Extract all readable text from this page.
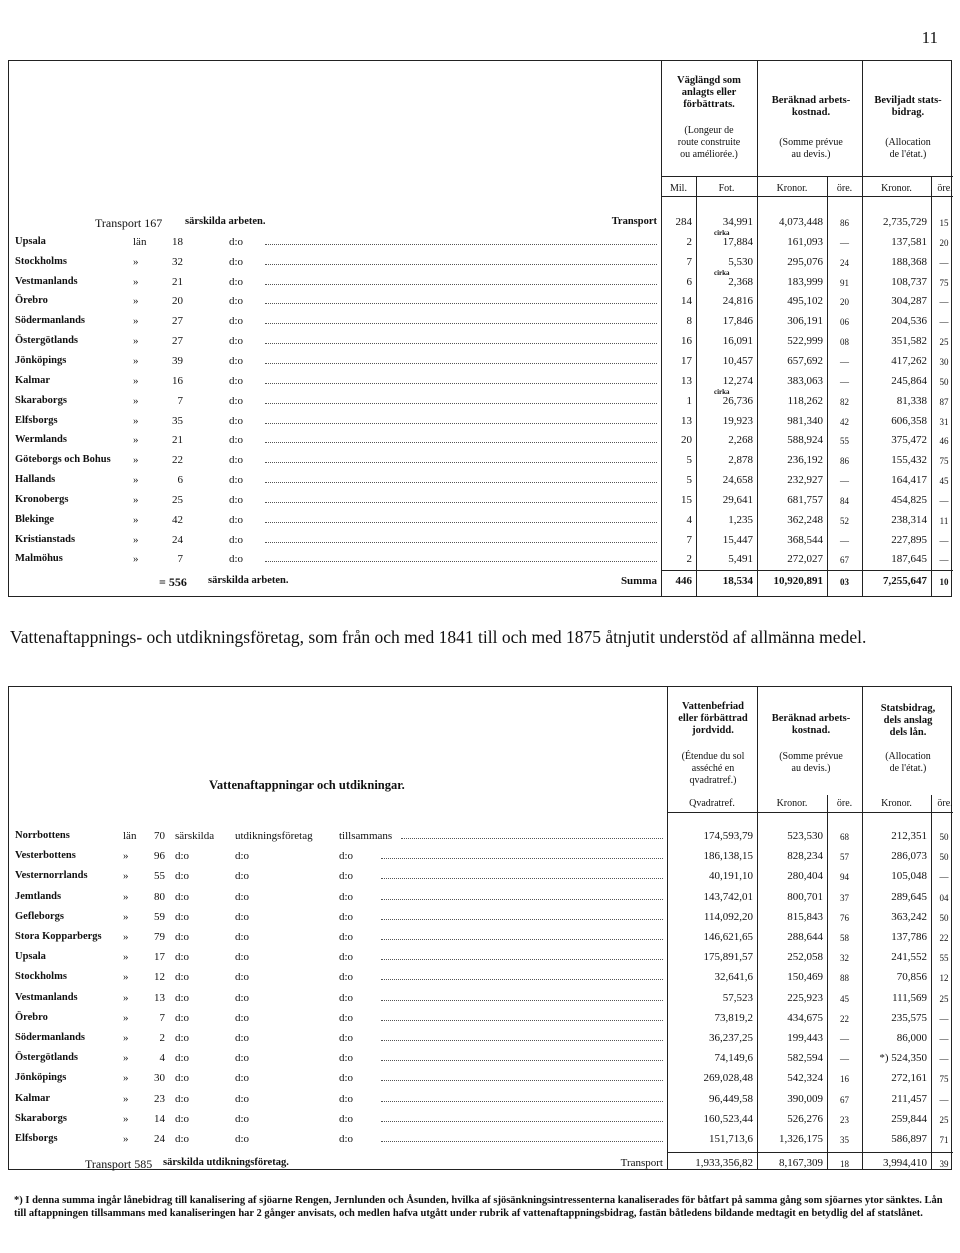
11
Väglängd som
anlagts eller
förbättrats.
(Longeur de
route construite
ou améliorée.)
Beräknad arbets-
kostnad.
(Somme prévue
au devis.)
Beviljadt stats-
bidrag.
(Allocation
de l'état.)
Mil.	Fot.	Kronor.	öre.	Kronor.	öre.
Transport 167	särskilda arbeten.	Transport	284	34,991	4,073,448	86	2,735,729	15
Upsala	län	18	d:o	2	17,884	161,093	—	137,581	20
cirka
Stockholms	»	32	d:o	7	5,530	295,076	24	188,368	—
Vestmanlands	»	21	d:o	6	2,368	183,999	91	108,737	75
cirka
Örebro	»	20	d:o	14	24,816	495,102	20	304,287	—
Södermanlands	»	27	d:o	8	17,846	306,191	06	204,536	—
Östergötlands	»	27	d:o	16	16,091	522,999	08	351,582	25
Jönköpings	»	39	d:o	17	10,457	657,692	—	417,262	30
Kalmar	»	16	d:o	13	12,274	383,063	—	245,864	50
Skaraborgs	»	7	d:o	1	26,736	118,262	82	81,338	87
cirka
Elfsborgs	»	35	d:o	13	19,923	981,340	42	606,358	31
Wermlands	»	21	d:o	20	2,268	588,924	55	375,472	46
Göteborgs och Bohus	»	22	d:o	5	2,878	236,192	86	155,432	75
Hallands	»	6	d:o	5	24,658	232,927	—	164,417	45
Kronobergs	»	25	d:o	15	29,641	681,757	84	454,825	—
Blekinge	»	42	d:o	4	1,235	362,248	52	238,314	11
Kristianstads	»	24	d:o	7	15,447	368,544	—	227,895	—
Malmöhus	»	7	d:o	2	5,491	272,027	67	187,645	—
= 556	särskilda arbeten.	Summa	446	18,534	10,920,891	03	7,255,647	10
Vattenaftappnings- och utdikningsföretag, som från och med 1841 till och med 1875 åtnjutit understöd af allmänna medel.
Vattenaftappningar och utdikningar.
Vattenbefriad
eller förbättrad
jordvidd.
(Étendue du sol
asséché en
qvadratref.)
Beräknad arbets-
kostnad.
(Somme prévue
au devis.)
Statsbidrag,
dels anslag
dels lån.
(Allocation
de l'état.)
Qvadratref.	Kronor.	öre.	Kronor.	öre.
Norrbottens	län	70 särskilda	utdikningsföretag	tillsammans	174,593,79	523,530	68	212,351	50
Vesterbottens	»	96 d:o	d:o	d:o	186,138,15	828,234	57	286,073	50
Vesternorrlands	»	55 d:o	d:o	d:o	40,191,10	280,404	94	105,048	—
Jemtlands	»	80 d:o	d:o	d:o	143,742,01	800,701	37	289,645	04
Gefleborgs	»	59 d:o	d:o	d:o	114,092,20	815,843	76	363,242	50
Stora Kopparbergs	»	79 d:o	d:o	d:o	146,621,65	288,644	58	137,786	22
Upsala	»	17 d:o	d:o	d:o	175,891,57	252,058	32	241,552	55
Stockholms	»	12 d:o	d:o	d:o	32,641,6	150,469	88	70,856	12
Vestmanlands	»	13 d:o	d:o	d:o	57,523	225,923	45	111,569	25
Örebro	»	7 d:o	d:o	d:o	73,819,2	434,675	22	235,575	—
Södermanlands	»	2 d:o	d:o	d:o	36,237,25	199,443	—	86,000	—
Östergötlands	»	4 d:o	d:o	d:o	74,149,6	582,594	—	*) 524,350	—
Jönköpings	»	30 d:o	d:o	d:o	269,028,48	542,324	16	272,161	75
Kalmar	»	23 d:o	d:o	d:o	96,449,58	390,009	67	211,457	—
Skaraborgs	»	14 d:o	d:o	d:o	160,523,44	526,276	23	259,844	25
Elfsborgs	»	24 d:o	d:o	d:o	151,713,6	1,326,175	35	586,897	71
Transport 585	särskilda utdikningsföretag.	Transport	1,933,356,82	8,167,309	18	3,994,410	39
*) I denna summa ingår lånebidrag till kanalisering af sjöarne Rengen, Jernlunden och Åsunden, hvilka af sjösänkningsintressenterna kanaliserades för båtfart på samma gång som sjöarnes ytor sänktes. Lån till aftappningen tillsammans med kanaliseringen har 2 gånger anvisats, och medlen hafva utgått under rubrik af vattenaftappningsbidrag, fastän båtledens bildande medtagit en betydlig del af statslånet.
